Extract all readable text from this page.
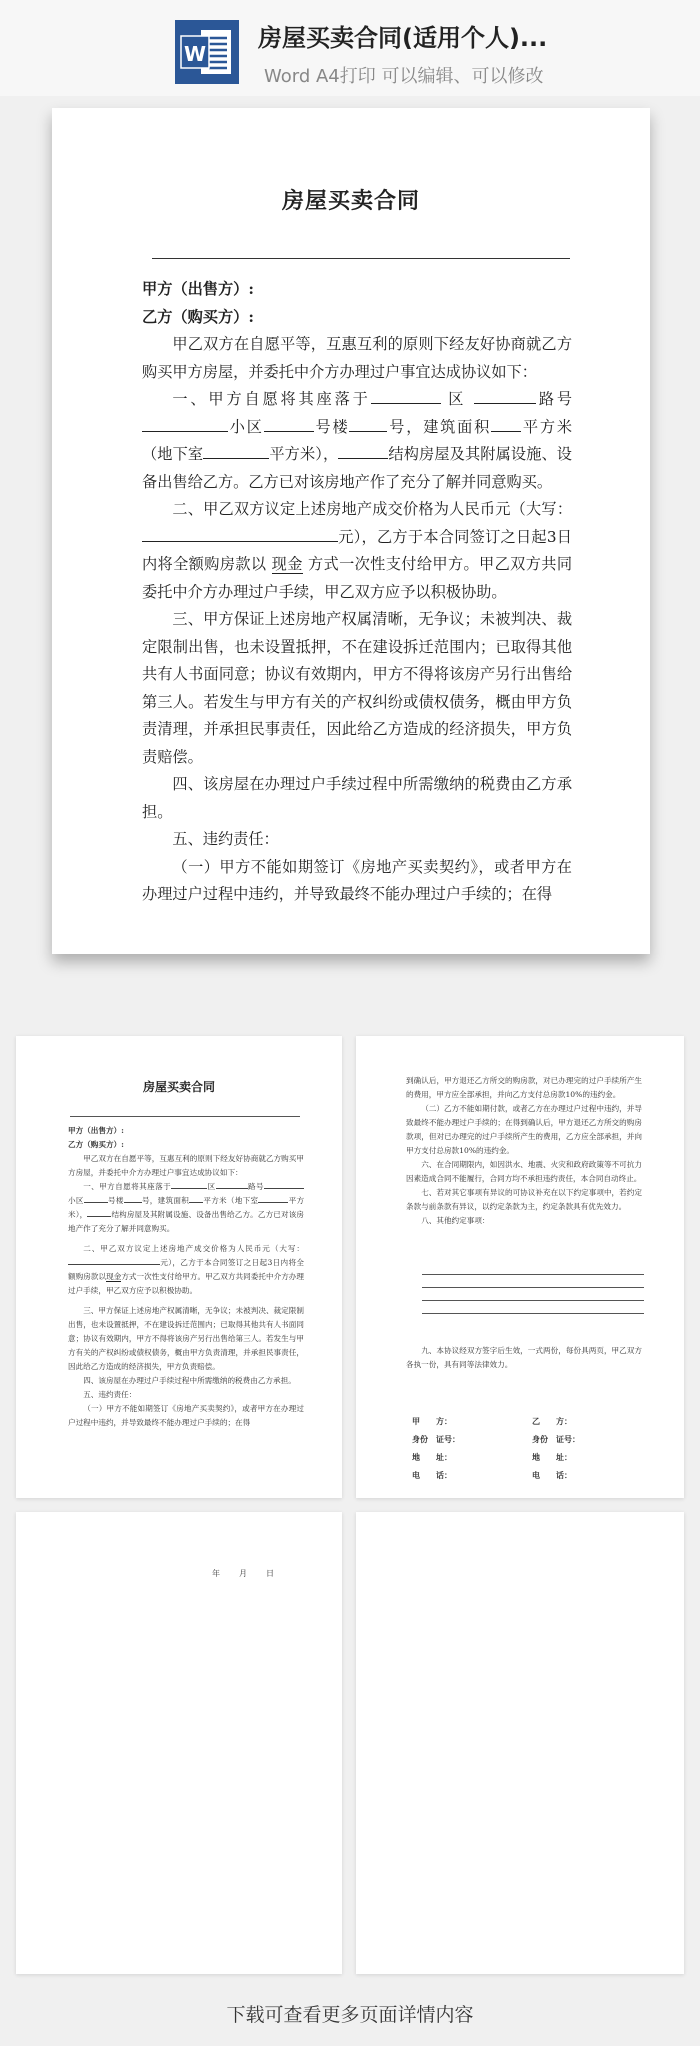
W
房屋买卖合同(适用个人)...
Word A4打印 可以编辑、可以修改
房屋买卖合同

甲方（出售方）:

乙方（购买方）:

甲乙双方在自愿平等，互惠互利的原则下经友好协商就乙方购买甲方房屋，并委托中介方办理过户事宜达成协议如下：

一、甲方自愿将其座落于	区	路号小区	号楼	号，建筑面积 平方米（地下室	平方米），	结构房屋及其附属设施、设备出售给乙方。乙方已对该房地产作了充分了解并同意购买。

二、甲乙双方议定上述房地产成交价格为人民币元（大写：元），乙方于本合同签订之日起3日内将全额购房款以 现金 方式一次性支付给甲方。甲乙双方共同委托中介方办理过户手续，甲乙双方应予以积极协助。

三、甲方保证上述房地产权属清晰，无争议；未被判决、裁定限制出售，也未设置抵押，不在建设拆迁范围内；已取得其他共有人书面同意；协议有效期内，甲方不得将该房产另行出售给第三人。若发生与甲方有关的产权纠纷或债权债务，概由甲方负责清理，并承担民事责任，因此给乙方造成的经济损失，甲方负责赔偿。

四、该房屋在办理过户手续过程中所需缴纳的税费由乙方承担。

五、违约责任：

（一）甲方不能如期签订《房地产买卖契约》，或者甲方在办理过户过程中违约，并导致最终不能办理过户手续的；在得

房屋买卖合同

甲方（出售方）:

乙方（购买方）:

甲乙双方在自愿平等，互惠互利的原则下经友好协商就乙方购买甲方房屋，并委托中介方办理过户事宜达成协议如下：

一、甲方自愿将其座落于	区	路号小区	号楼 号，建筑面积 平方米（地下室	平方米），	结构房屋及其附属设施、设备出售给乙方。乙方已对该房地产作了充分了解并同意购买。

二、甲乙双方议定上述房地产成交价格为人民币元（大写：元），乙方于本合同签订之日起3日内将全额购房款以现金方式一次性支付给甲方。甲乙双方共同委托中介方办理过户手续，甲乙双方应予以积极协助。

三、甲方保证上述房地产权属清晰，无争议；未被判决、裁定限制出售，也未设置抵押，不在建设拆迁范围内；已取得其他共有人书面同意；协议有效期内，甲方不得将该房产另行出售给第三人。若发生与甲方有关的产权纠纷或债权债务，概由甲方负责清理，并承担民事责任，因此给乙方造成的经济损失，甲方负责赔偿。

四、该房屋在办理过户手续过程中所需缴纳的税费由乙方承担。

五、违约责任：

（一）甲方不能如期签订《房地产买卖契约》，或者甲方在办理过户过程中违约，并导致最终不能办理过户手续的；在得

到确认后，甲方退还乙方所交的购房款，对已办理完的过户手续所产生的费用，甲方应全部承担，并向乙方支付总房款10%的违约金。

（二）乙方不能如期付款，或者乙方在办理过户过程中违约，并导致最终不能办理过户手续的；在得到确认后，甲方退还乙方所交的购房款项，但对已办理完的过户手续所产生的费用，乙方应全部承担，并向甲方支付总房款10%的违约金。

六、在合同期限内，如因洪水、地震、火灾和政府政策等不可抗力因素造成合同不能履行，合同方均不承担违约责任，本合同自动终止。

七、若对其它事项有异议的可协议补充在以下约定事项中，若约定条款与前条款有异议，以约定条款为主，约定条款具有优先效力。

八、其他约定事项：

九、本协议经双方签字后生效，一式两份，每份具两页，甲乙双方各执一份，具有同等法律效力。

甲　　方：
身份　证号：
地　　址：
电　　话：
乙　　方：
身份　证号：
地　　址：
电　　话：
年　　月　　日
下载可查看更多页面详情内容
